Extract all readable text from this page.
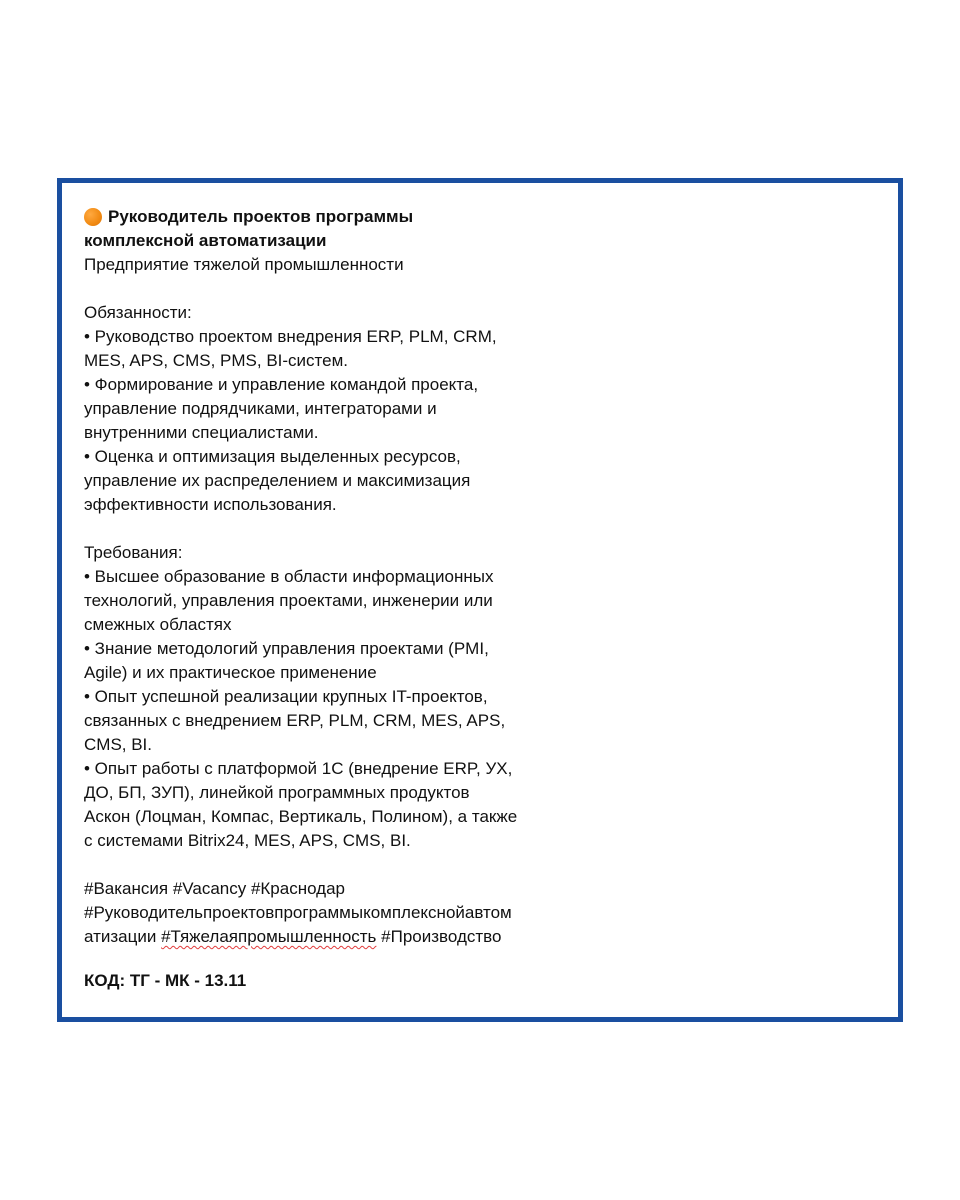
Руководитель проектов программы
комплексной автоматизации
Предприятие тяжелой промышленности
Обязанности:
• Руководство проектом внедрения ERP, PLM, CRM,
MES, APS, CMS, PMS, BI-систем.
• Формирование и управление командой проекта,
управление подрядчиками, интеграторами и
внутренними специалистами.
• Оценка и оптимизация выделенных ресурсов,
управление их распределением и максимизация
эффективности использования.
Требования:
• Высшее образование в области информационных
технологий, управления проектами, инженерии или
смежных областях
• Знание методологий управления проектами (PMI,
Agile) и их практическое применение
• Опыт успешной реализации крупных IT-проектов,
связанных с внедрением ERP, PLM, CRM, MES, APS,
CMS, BI.
• Опыт работы с платформой 1С (внедрение ERP, УХ,
ДО, БП, ЗУП), линейкой программных продуктов
Аскон (Лоцман, Компас, Вертикаль, Полином), а также
с системами Bitrix24, MES, APS, CMS, BI.
#Вакансия #Vacancy #Краснодар
#Руководительпроектовпрограммыкомплекснойавтом
атизации #Тяжелаяпромышленность #Производство
КОД: ТГ - МК - 13.11
